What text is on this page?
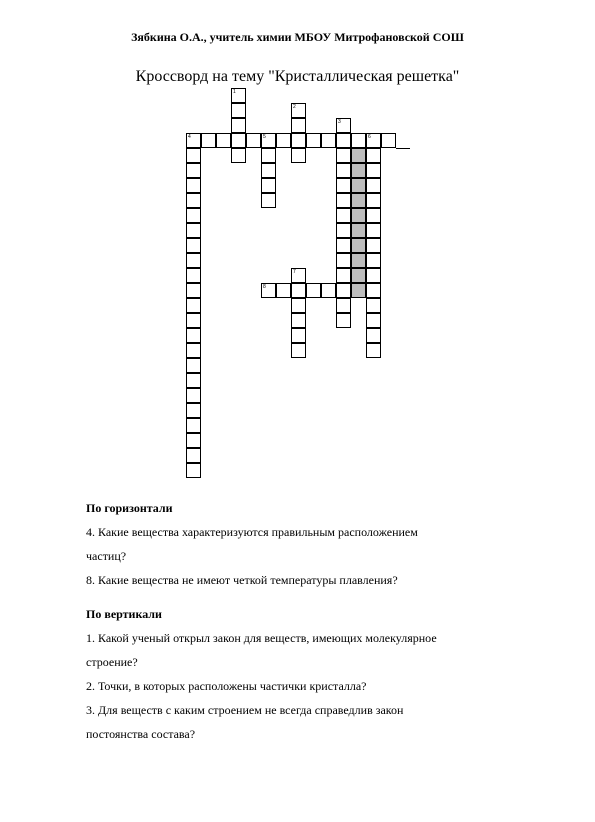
Зябкина О.А., учитель химии МБОУ Митрофановской СОШ
Кроссворд на тему "Кристаллическая решетка"
1
2
3
4	5	6
7
8

По горизонтали

4. Какие вещества характеризуются правильным расположением

частиц?

8. Какие вещества не имеют четкой температуры плавления?

По вертикали

1. Какой ученый открыл закон для веществ, имеющих молекулярное

строение?

2. Точки, в которых расположены частички кристалла?

3. Для веществ с каким строением не всегда справедлив закон

постоянства состава?
